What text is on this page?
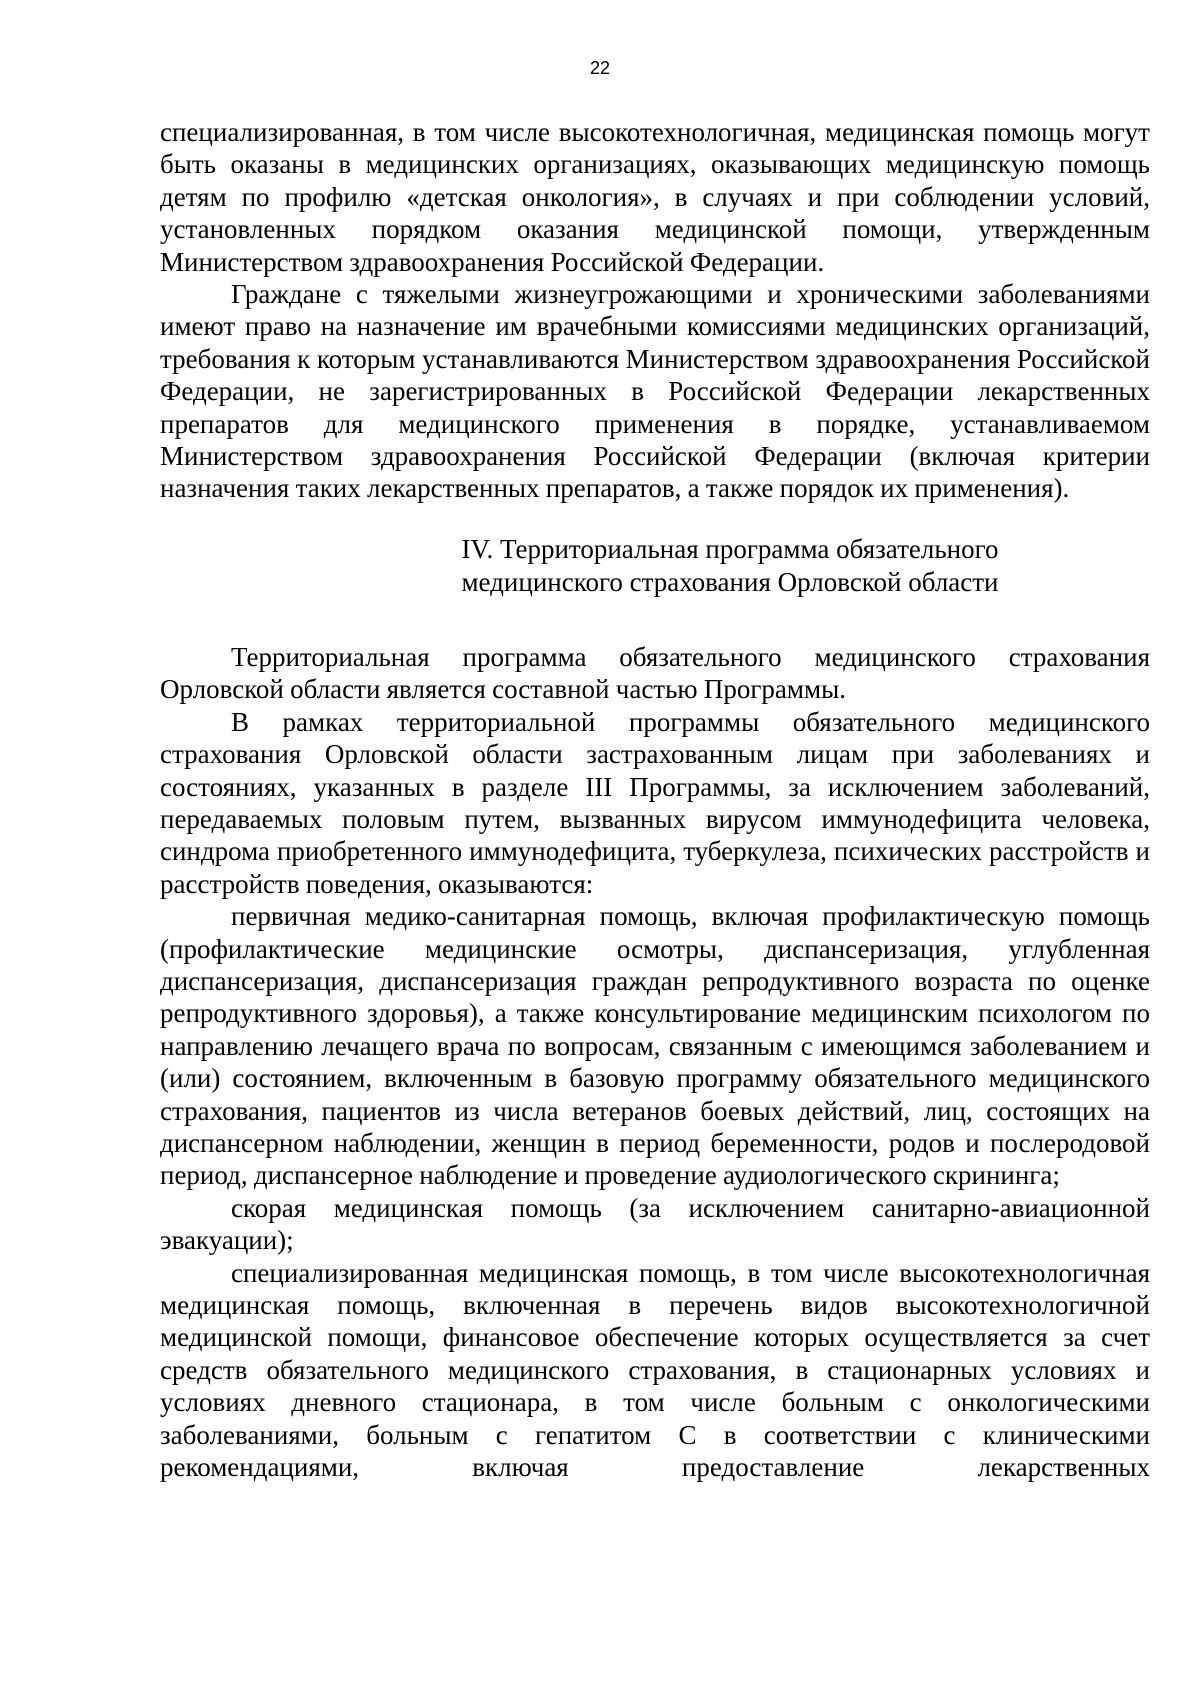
22

специализированная, в том числе высокотехнологичная, медицинская помощь могут быть оказаны в медицинских организациях, оказывающих медицинскую помощь детям по профилю «детская онкология», в случаях и при соблюдении условий, установленных порядком оказания медицинской помощи, утвержденным Министерством здравоохранения Российской Федерации.

Граждане с тяжелыми жизнеугрожающими и хроническими заболеваниями имеют право на назначение им врачебными комиссиями медицинских организаций, требования к которым устанавливаются Министерством здравоохранения Российской Федерации, не зарегистрированных в Российской Федерации лекарственных препаратов для медицинского применения в порядке, устанавливаемом Министерством здравоохранения Российской Федерации (включая критерии назначения таких лекарственных препаратов, а также порядок их применения).

IV. Территориальная программа обязательного
медицинского страхования Орловской области

Территориальная программа обязательного медицинского страхования Орловской области является составной частью Программы.

В рамках территориальной программы обязательного медицинского страхования Орловской области застрахованным лицам при заболеваниях и состояниях, указанных в разделе III Программы, за исключением заболеваний, передаваемых половым путем, вызванных вирусом иммунодефицита человека, синдрома приобретенного иммунодефицита, туберкулеза, психических расстройств и расстройств поведения, оказываются:

первичная медико-санитарная помощь, включая профилактическую помощь (профилактические медицинские осмотры, диспансеризация, углубленная диспансеризация, диспансеризация граждан репродуктивного возраста по оценке репродуктивного здоровья), а также консультирование медицинским психологом по направлению лечащего врача по вопросам, связанным с имеющимся заболеванием и (или) состоянием, включенным в базовую программу обязательного медицинского страхования, пациентов из числа ветеранов боевых действий, лиц, состоящих на диспансерном наблюдении, женщин в период беременности, родов и послеродовой период, диспансерное наблюдение и проведение аудиологического скрининга;

скорая медицинская помощь (за исключением санитарно-авиационной эвакуации);

специализированная медицинская помощь, в том числе высокотехнологичная медицинская помощь, включенная в перечень видов высокотехнологичной медицинской помощи, финансовое обеспечение которых осуществляется за счет средств обязательного медицинского страхования, в стационарных условиях и условиях дневного стационара, в том числе больным с онкологическими заболеваниями, больным с гепатитом C в соответствии с клиническими рекомендациями, включая предоставление лекарственных
